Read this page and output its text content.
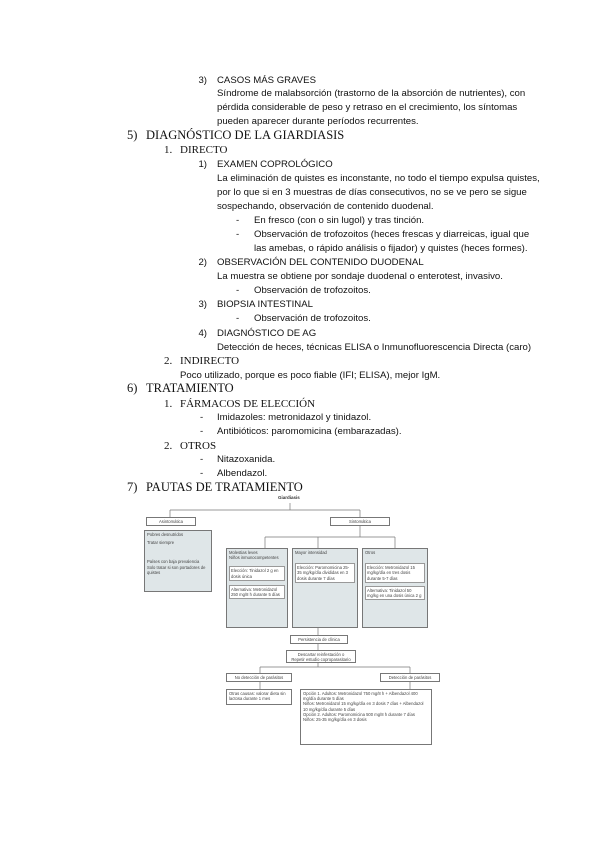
3) CASOS MÁS GRAVES
Síndrome de malabsorción (trastorno de la absorción de nutrientes), con
pérdida considerable de peso y retraso en el crecimiento, los síntomas
pueden aparecer durante períodos recurrentes.
5) DIAGNÓSTICO DE LA GIARDIASIS
1. DIRECTO
1) EXAMEN COPROLÓGICO
La eliminación de quistes es inconstante, no todo el tiempo expulsa quistes,
por lo que si en 3 muestras de días consecutivos, no se ve pero se sigue
sospechando, observación de contenido duodenal.
-	En fresco (con o sin lugol) y tras tinción.
-	Observación de trofozoitos (heces frescas y diarreicas, igual que
las amebas, o rápido análisis o fijador) y quistes (heces formes).
2) OBSERVACIÓN DEL CONTENIDO DUODENAL
La muestra se obtiene por sondaje duodenal o enterotest, invasivo.
-	Observación de trofozoitos.
3) BIOPSIA INTESTINAL
-	Observación de trofozoitos.
4) DIAGNÓSTICO DE AG
Detección de heces, técnicas ELISA o Inmunofluorescencia Directa (caro)
2. INDIRECTO
Poco utilizado, porque es poco fiable (IFI; ELISA), mejor IgM.
6) TRATAMIENTO
1. FÁRMACOS DE ELECCIÓN
-	Imidazoles: metronidazol y tinidazol.
-	Antibióticos: paromomicina (embarazadas).
2. OTROS
-	Nitazoxanida.
-	Albendazol.
7) PAUTAS DE TRATAMIENTO
Giardiasis
Asintomática	Sintomática
Pobres desnutridos
Tratar siempre
Países con baja prevalencia
Solo tratar si son portadores de quistes
Molestias leves
Niños inmunocompetentes
Elección: Tinidazol 2 g en dosis única
Alternativa: Metronidazol 250 mg/8 h durante 5 días
Mayor intensidad
Elección: Paromomicina 25-35 mg/kg/día divididas en 3 dosis durante 7 días
Otros
Elección: Metronidazol 15 mg/kg/día en tres dosis durante 5-7 días
Alternativa: Tinidazol 50 mg/kg en una dosis única 2 g
Persistencia de clínica
Descartar reinfestación o
Repetir estudio coproparasitario
No detección de parásitos	Detección de parásitos
Otras causas: valorar dieta sin lactosa durante 1 mes
Opción 1. Adultos: Metronidazol 750 mg/8 h + Albendazol 400 mg/día durante 5 días
Niños: Metronidazol 15 mg/kg/día en 3 dosis 7 días + Albendazol
10 mg/kg/día durante 5 días
Opción 2. Adultos: Paromomicina 500 mg/8 h durante 7 días
Niños: 25-35 mg/kg/día en 3 dosis
